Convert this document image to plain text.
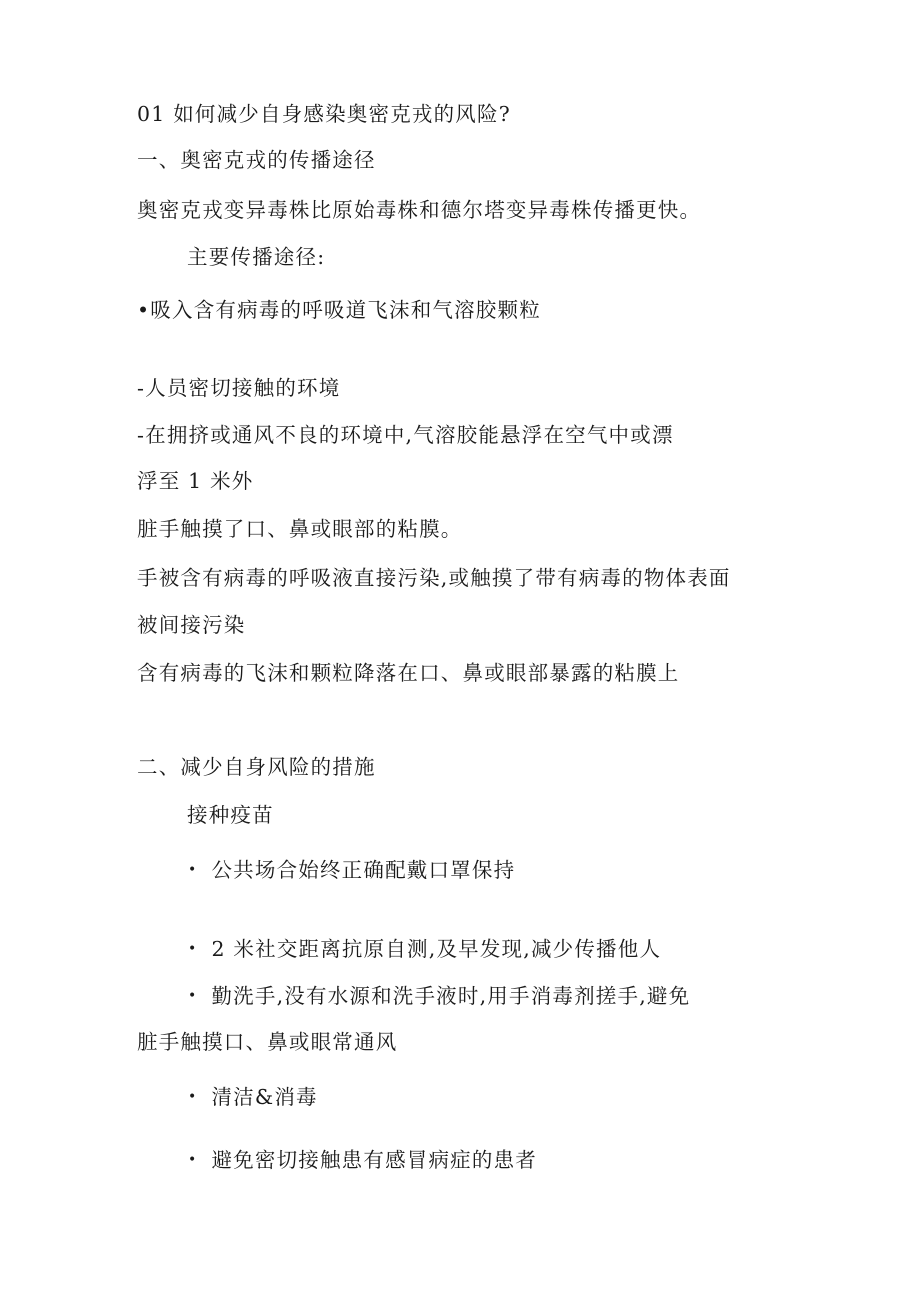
01 如何减少自身感染奥密克戎的风险?
一、奥密克戎的传播途径
奥密克戎变异毒株比原始毒株和德尔塔变异毒株传播更快。
主要传播途径:
•吸入含有病毒的呼吸道飞沫和气溶胶颗粒
-人员密切接触的环境
-在拥挤或通风不良的环境中,气溶胶能悬浮在空气中或漂
浮至 1 米外
脏手触摸了口、鼻或眼部的粘膜。
手被含有病毒的呼吸液直接污染,或触摸了带有病毒的物体表面
被间接污染
含有病毒的飞沫和颗粒降落在口、鼻或眼部暴露的粘膜上
二、减少自身风险的措施
接种疫苗
• 公共场合始终正确配戴口罩保持
• 2 米社交距离抗原自测,及早发现,减少传播他人
• 勤洗手,没有水源和洗手液时,用手消毒剂搓手,避免
脏手触摸口、鼻或眼常通风
• 清洁&消毒
• 避免密切接触患有感冒病症的患者
